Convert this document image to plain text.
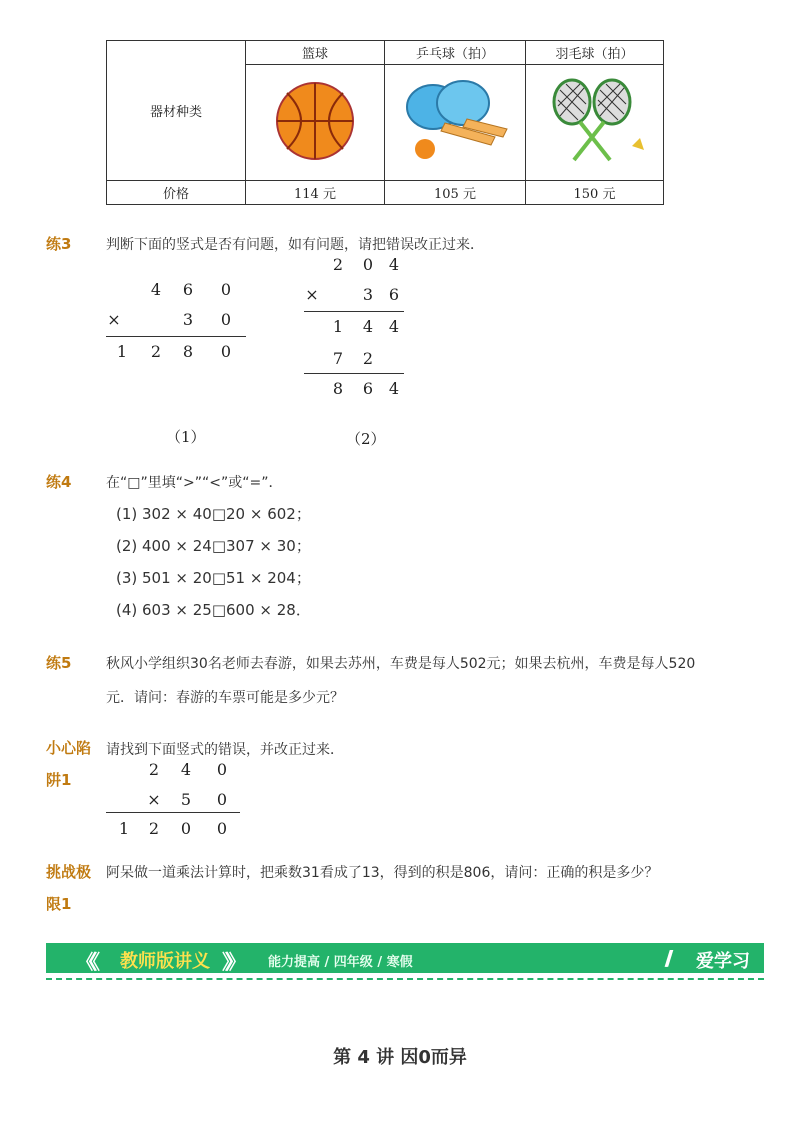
器材种类	篮球	乒乓球（拍）	羽毛球（拍）

价格	114 元	105 元	150 元
练3 判断下面的竖式是否有问题，如有问题，请把错误改正过来．
4	6	0
×	3	0
1	2	8	0
（1）
2	0 4
×	3 6
1	4 4
7	2
8	6 4
（2）
练4 在“□”里填“>”“<”或“=”．
(1) 302 × 40□20 × 602；
(2) 400 × 24□307 × 30；
(3) 501 × 20□51 × 204；
(4) 603 × 25□600 × 28．
练5 秋风小学组织30名老师去春游，如果去苏州，车费是每人502元；如果去杭州，车费是每人520
元．请问：春游的车票可能是多少元？
小心陷
阱1
请找到下面竖式的错误，并改正过来．
2	4	0
×	5	0
1	2	0	0
挑战极
限1
阿呆做一道乘法计算时，把乘数31看成了13，得到的积是806，请问：正确的积是多少？
《《 教师版讲义 》》 能力提高 / 四年级 / 寒假	爱学习
第 4 讲 因0而异
